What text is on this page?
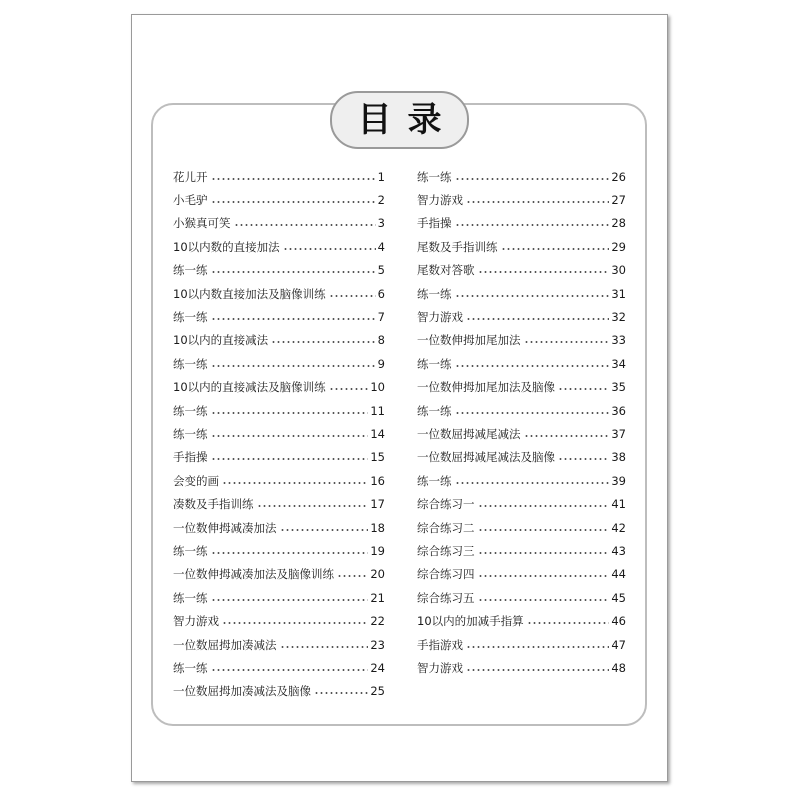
目录
花儿开	1
小毛驴	2
小猴真可笑	3
10以内数的直接加法	4
练一练	5
10以内数直接加法及脑像训练	6
练一练	7
10以内的直接减法	8
练一练	9
10以内的直接减法及脑像训练	10
练一练	11
练一练	14
手指操	15
会变的画	16
凑数及手指训练	17
一位数伸拇减凑加法	18
练一练	19
一位数伸拇减凑加法及脑像训练	20
练一练	21
智力游戏	22
一位数屈拇加凑减法	23
练一练	24
一位数屈拇加凑减法及脑像	25
练一练	26
智力游戏	27
手指操	28
尾数及手指训练	29
尾数对答歌	30
练一练	31
智力游戏	32
一位数伸拇加尾加法	33
练一练	34
一位数伸拇加尾加法及脑像	35
练一练	36
一位数屈拇减尾减法	37
一位数屈拇减尾减法及脑像	38
练一练	39
综合练习一	41
综合练习二	42
综合练习三	43
综合练习四	44
综合练习五	45
10以内的加减手指算	46
手指游戏	47
智力游戏	48
